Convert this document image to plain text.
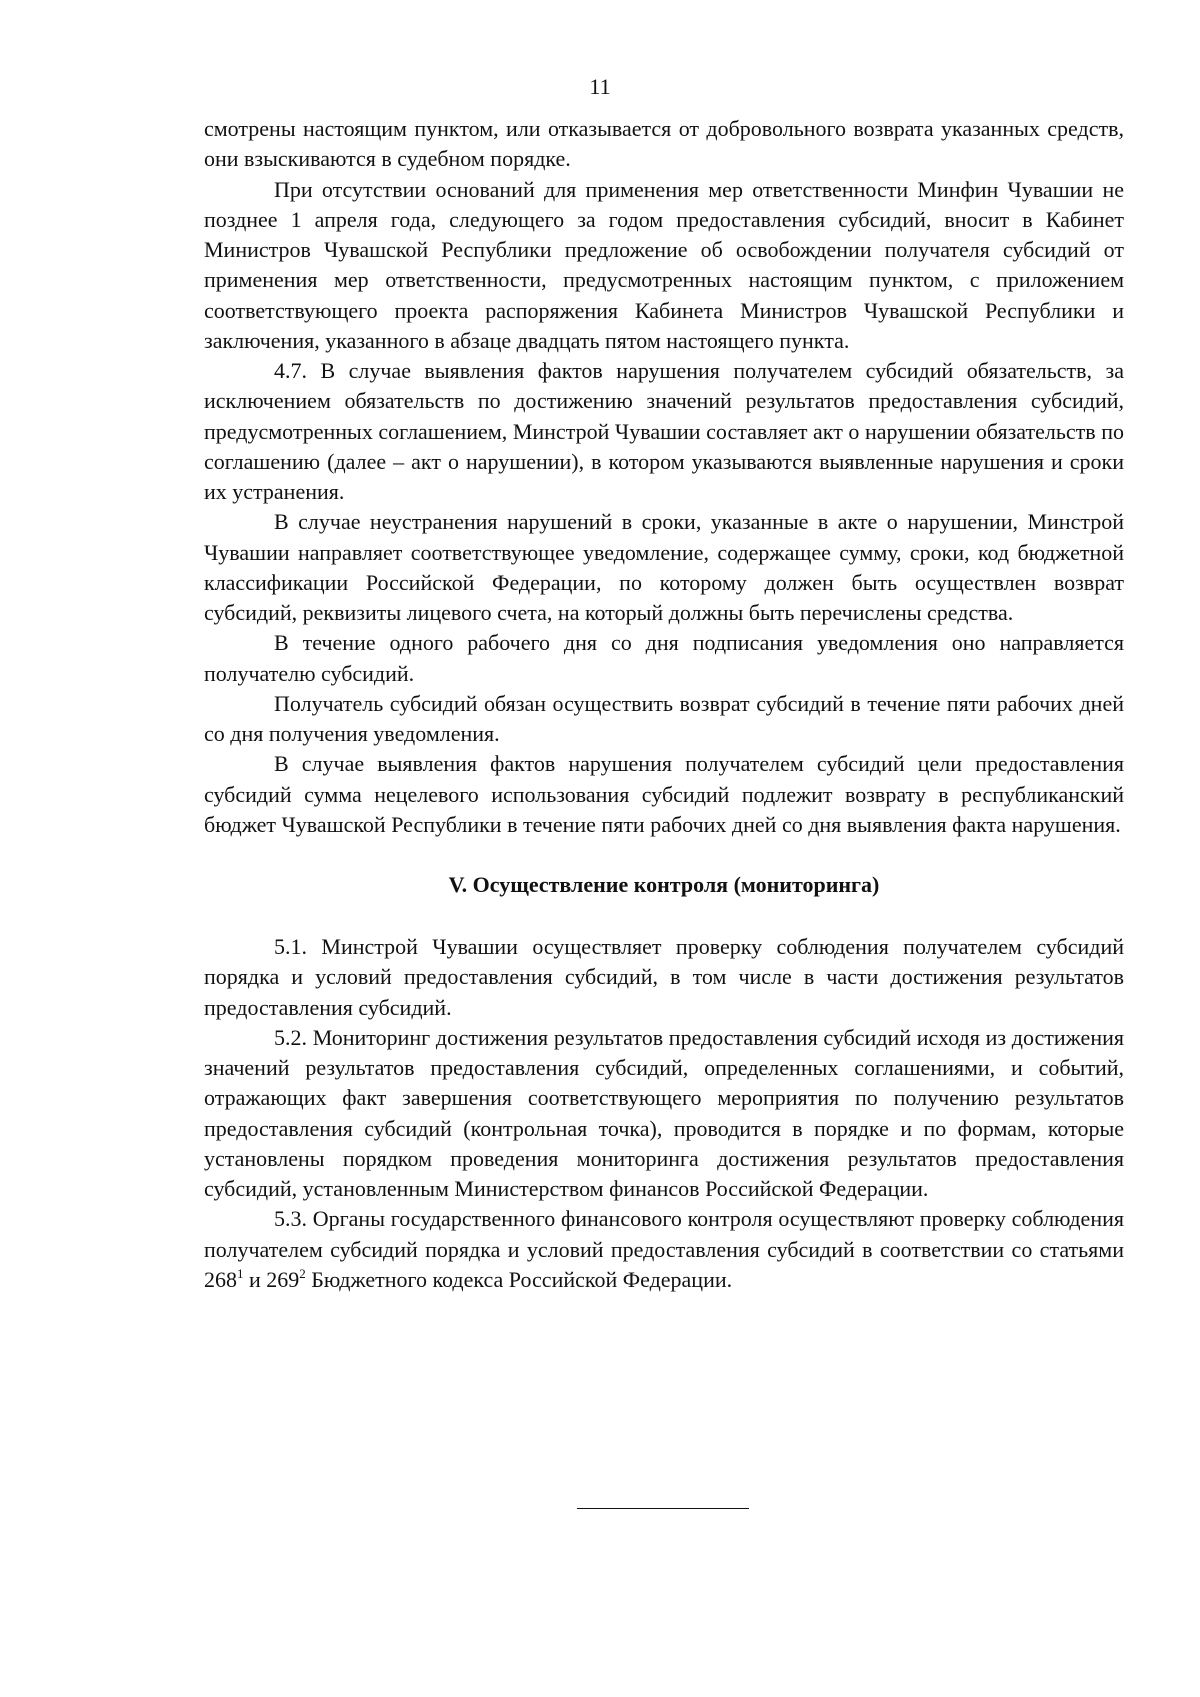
11

смотрены настоящим пунктом, или отказывается от добровольного возврата указанных средств, они взыскиваются в судебном порядке.

При отсутствии оснований для применения мер ответственности Минфин Чувашии не позднее 1 апреля года, следующего за годом предоставления субсидий, вносит в Кабинет Министров Чувашской Республики предложение об освобождении получателя субсидий от применения мер ответственности, предусмотренных настоящим пунктом, с приложением соответствующего проекта распоряжения Кабинета Министров Чувашской Республики и заключения, указанного в абзаце двадцать пятом настоящего пункта.

4.7. В случае выявления фактов нарушения получателем субсидий обязательств, за исключением обязательств по достижению значений результатов предоставления субсидий, предусмотренных соглашением, Минстрой Чувашии составляет акт о нарушении обязательств по соглашению (далее – акт о нарушении), в котором указываются выявленные нарушения и сроки их устранения.

В случае неустранения нарушений в сроки, указанные в акте о нарушении, Минстрой Чувашии направляет соответствующее уведомление, содержащее сумму, сроки, код бюджетной классификации Российской Федерации, по которому должен быть осуществлен возврат субсидий, реквизиты лицевого счета, на который должны быть перечислены средства.

В течение одного рабочего дня со дня подписания уведомления оно направляется получателю субсидий.

Получатель субсидий обязан осуществить возврат субсидий в течение пяти рабочих дней со дня получения уведомления.

В случае выявления фактов нарушения получателем субсидий цели предоставления субсидий сумма нецелевого использования субсидий подлежит возврату в республиканский бюджет Чувашской Республики в течение пяти рабочих дней со дня выявления факта нарушения.

V. Осуществление контроля (мониторинга)

5.1. Минстрой Чувашии осуществляет проверку соблюдения получателем субсидий порядка и условий предоставления субсидий, в том числе в части достижения результатов предоставления субсидий.

5.2. Мониторинг достижения результатов предоставления субсидий исходя из достижения значений результатов предоставления субсидий, определенных соглашениями, и событий, отражающих факт завершения соответствующего мероприятия по получению результатов предоставления субсидий (контрольная точка), проводится в порядке и по формам, которые установлены порядком проведения мониторинга достижения результатов предоставления субсидий, установленным Министерством финансов Российской Федерации.

5.3. Органы государственного финансового контроля осуществляют проверку соблюдения получателем субсидий порядка и условий предоставления субсидий в соответствии со статьями $268^1$ и $269^2$ Бюджетного кодекса Российской Федерации.
